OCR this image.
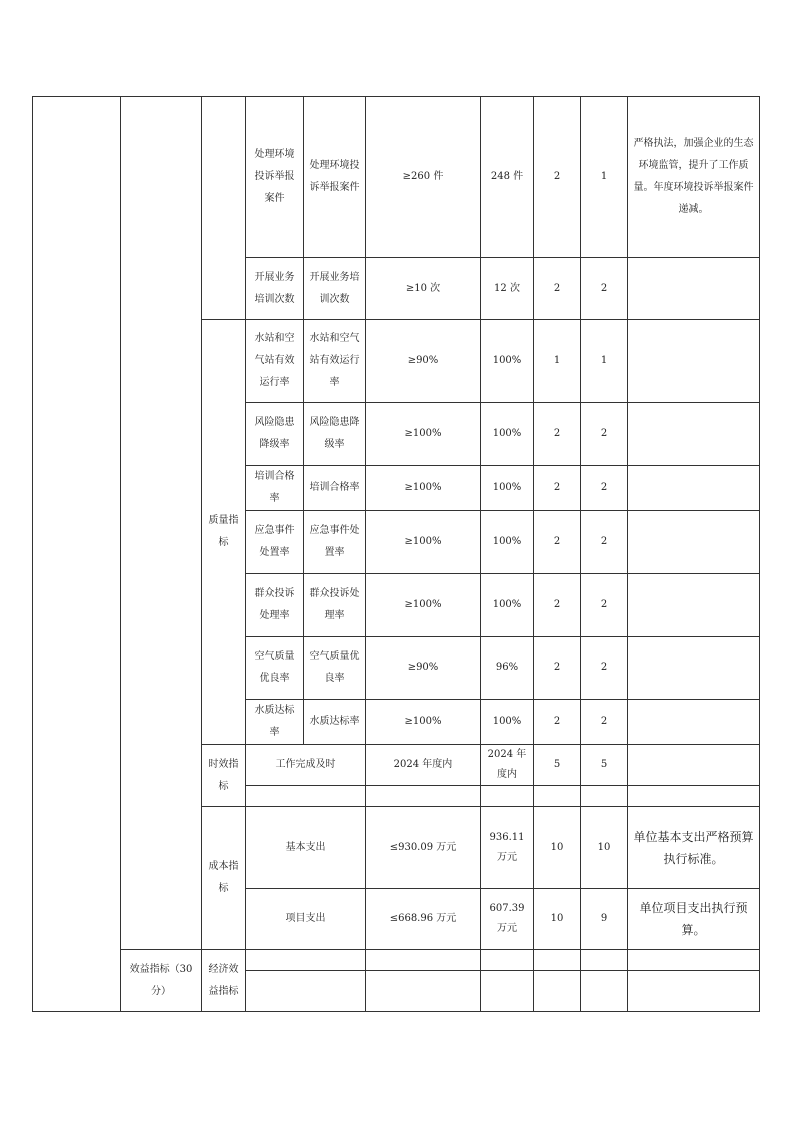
			处理环境投诉举报案件	处理环境投诉举报案件	≥260 件	248 件	2	1	严格执法，加强企业的生态环境监管，提升了工作质量。年度环境投诉举报案件递减。
			开展业务培训次数	开展业务培训次数	≥10 次	12 次	2	2	
		质量指标	水站和空气站有效运行率	水站和空气站有效运行率	≥90%	100%	1	1	
			风险隐患降级率	风险隐患降级率	≥100%	100%	2	2	
			培训合格率	培训合格率	≥100%	100%	2	2	
			应急事件处置率	应急事件处置率	≥100%	100%	2	2	
			群众投诉处理率	群众投诉处理率	≥100%	100%	2	2	
			空气质量优良率	空气质量优良率	≥90%	96%	2	2	
			水质达标率	水质达标率	≥100%	100%	2	2	
		时效指标	工作完成及时		2024 年度内	2024 年度内	5	5	

		成本指标	基本支出		≤930.09 万元	936.11 万元	10	10	单位基本支出严格预算执行标准。

			项目支出		≤668.96 万元	607.39 万元	10	9	单位项目支出执行预算。
	效益指标（30 分）	经济效益指标							
